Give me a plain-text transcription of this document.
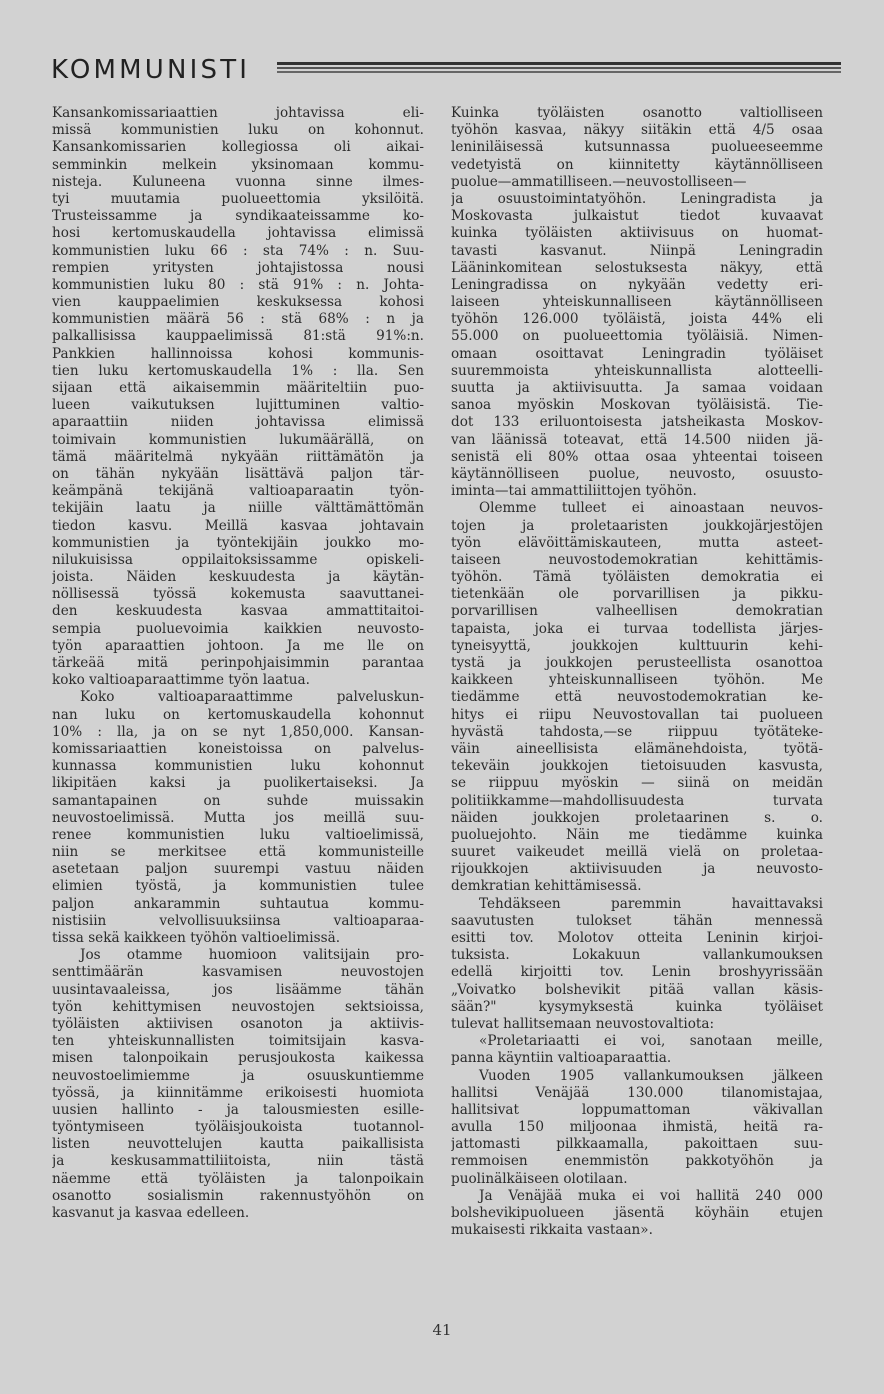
KOMMUNISTI
Kansankomissariaattien johtavissa eli-
missä kommunistien luku on kohonnut.
Kansankomissarien kollegiossa oli aikai-
semminkin melkein yksinomaan kommu-
nisteja. Kuluneena vuonna sinne ilmes-
tyi muutamia puolueettomia yksilöitä.
Trusteissamme ja syndikaateissamme ko-
hosi kertomuskaudella johtavissa elimissä
kommunistien luku 66 : sta 74% : n. Suu-
rempien yritysten johtajistossa nousi
kommunistien luku 80 : stä 91% : n. Johta-
vien kauppaelimien keskuksessa kohosi
kommunistien määrä 56 : stä 68% : n ja
palkallisissa kauppaelimissä 81:stä 91%:n.
Pankkien hallinnoissa kohosi kommunis-
tien luku kertomuskaudella 1% : lla. Sen
sijaan että aikaisemmin määriteltiin puo-
lueen vaikutuksen lujittuminen valtio-
aparaattiin niiden johtavissa elimissä
toimivain kommunistien lukumäärällä, on
tämä määritelmä nykyään riittämätön ja
on tähän nykyään lisättävä paljon tär-
keämpänä tekijänä valtioaparaatin työn-
tekijäin laatu ja niille välttämättömän
tiedon kasvu. Meillä kasvaa johtavain
kommunistien ja työntekijäin joukko mo-
nilukuisissa oppilaitoksissamme opiskeli-
joista. Näiden keskuudesta ja käytän-
nöllisessä työssä kokemusta saavuttanei-
den keskuudesta kasvaa ammattitaitoi-
sempia puoluevoimia kaikkien neuvosto-
työn aparaattien johtoon. Ja me lle on
tärkeää mitä perinpohjaisimmin parantaa
koko valtioaparaattimme työn laatua.
Koko valtioaparaattimme palveluskun-
nan luku on kertomuskaudella kohonnut
10% : lla, ja on se nyt 1,850,000. Kansan-
komissariaattien koneistoissa on palvelus-
kunnassa kommunistien luku kohonnut
likipitäen kaksi ja puolikertaiseksi. Ja
samantapainen on suhde muissakin
neuvostoelimissä. Mutta jos meillä suu-
renee kommunistien luku valtioelimissä,
niin se merkitsee että kommunisteille
asetetaan paljon suurempi vastuu näiden
elimien työstä, ja kommunistien tulee
paljon ankarammin suhtautua kommu-
nistisiin velvollisuuksiinsa valtioaparaa-
tissa sekä kaikkeen työhön valtioelimissä.
Jos otamme huomioon valitsijain pro-
senttimäärän kasvamisen neuvostojen
uusintavaaleissa, jos lisäämme tähän
työn kehittymisen neuvostojen sektsioissa,
työläisten aktiivisen osanoton ja aktiivis-
ten yhteiskunnallisten toimitsijain kasva-
misen talonpoikain perusjoukosta kaikessa
neuvostoelimiemme ja osuuskuntiemme
työssä, ja kiinnitämme erikoisesti huomiota
uusien hallinto - ja talousmiesten esille-
työntymiseen työläisjoukoista tuotannol-
listen neuvottelujen kautta paikallisista
ja keskusammattiliitoista, niin tästä
näemme että työläisten ja talonpoikain
osanotto sosialismin rakennustyöhön on
kasvanut ja kasvaa edelleen.
Kuinka työläisten osanotto valtiolliseen
työhön kasvaa, näkyy siitäkin että 4/5 osaa
leniniläisessä kutsunnassa puolueeseemme
vedetyistä on kiinnitetty käytännölliseen
puolue—ammatilliseen.—neuvostolliseen—
ja osuustoimintatyöhön. Leningradista ja
Moskovasta julkaistut tiedot kuvaavat
kuinka työläisten aktiivisuus on huomat-
tavasti kasvanut. Niinpä Leningradin
Lääninkomitean selostuksesta näkyy, että
Leningradissa on nykyään vedetty eri-
laiseen yhteiskunnalliseen käytännölliseen
työhön 126.000 työläistä, joista 44% eli
55.000 on puolueettomia työläisiä. Nimen-
omaan osoittavat Leningradin työläiset
suuremmoista yhteiskunnallista alotteelli-
suutta ja aktiivisuutta. Ja samaa voidaan
sanoa myöskin Moskovan työläisistä. Tie-
dot 133 eriluontoisesta jatsheikasta Moskov-
van läänissä toteavat, että 14.500 niiden jä-
senistä eli 80% ottaa osaa yhteentai toiseen
käytännölliseen puolue, neuvosto, osuusto-
iminta—tai ammattiliittojen työhön.
Olemme tulleet ei ainoastaan neuvos-
tojen ja proletaaristen joukkojärjestöjen
työn elävöittämiskauteen, mutta asteet-
taiseen neuvostodemokratian kehittämis-
työhön. Tämä työläisten demokratia ei
tietenkään ole porvarillisen ja pikku-
porvarillisen valheellisen demokratian
tapaista, joka ei turvaa todellista järjes-
tyneisyyttä, joukkojen kulttuurin kehi-
tystä ja joukkojen perusteellista osanottoa
kaikkeen yhteiskunnalliseen työhön. Me
tiedämme että neuvostodemokratian ke-
hitys ei riipu Neuvostovallan tai puolueen
hyvästä tahdosta,—se riippuu työtäteke-
väin aineellisista elämänehdoista, työtä-
tekeväin joukkojen tietoisuuden kasvusta,
se riippuu myöskin — siinä on meidän
politiikkamme—mahdollisuudesta turvata
näiden joukkojen proletaarinen s. o.
puoluejohto. Näin me tiedämme kuinka
suuret vaikeudet meillä vielä on proletaa-
rijoukkojen aktiivisuuden ja neuvosto-
demkratian kehittämisessä.
Tehdäkseen paremmin havaittavaksi
saavutusten tulokset tähän mennessä
esitti tov. Molotov otteita Leninin kirjoi-
tuksista. Lokakuun vallankumouksen
edellä kirjoitti tov. Lenin broshyyrissään
„Voivatko bolshevikit pitää vallan käsis-
sään?" kysymyksestä kuinka työläiset
tulevat hallitsemaan neuvostovaltiota:
«Proletariaatti ei voi, sanotaan meille,
panna käyntiin valtioaparaattia.
Vuoden 1905 vallankumouksen jälkeen
hallitsi Venäjää 130.000 tilanomistajaa,
hallitsivat loppumattoman väkivallan
avulla 150 miljoonaa ihmistä, heitä ra-
jattomasti pilkkaamalla, pakoittaen suu-
remmoisen enemmistön pakkotyöhön ja
puolinälkäiseen olotilaan.
Ja Venäjää muka ei voi hallitä 240 000
bolshevikipuolueen jäsentä köyhäin etujen
mukaisesti rikkaita vastaan».
41
